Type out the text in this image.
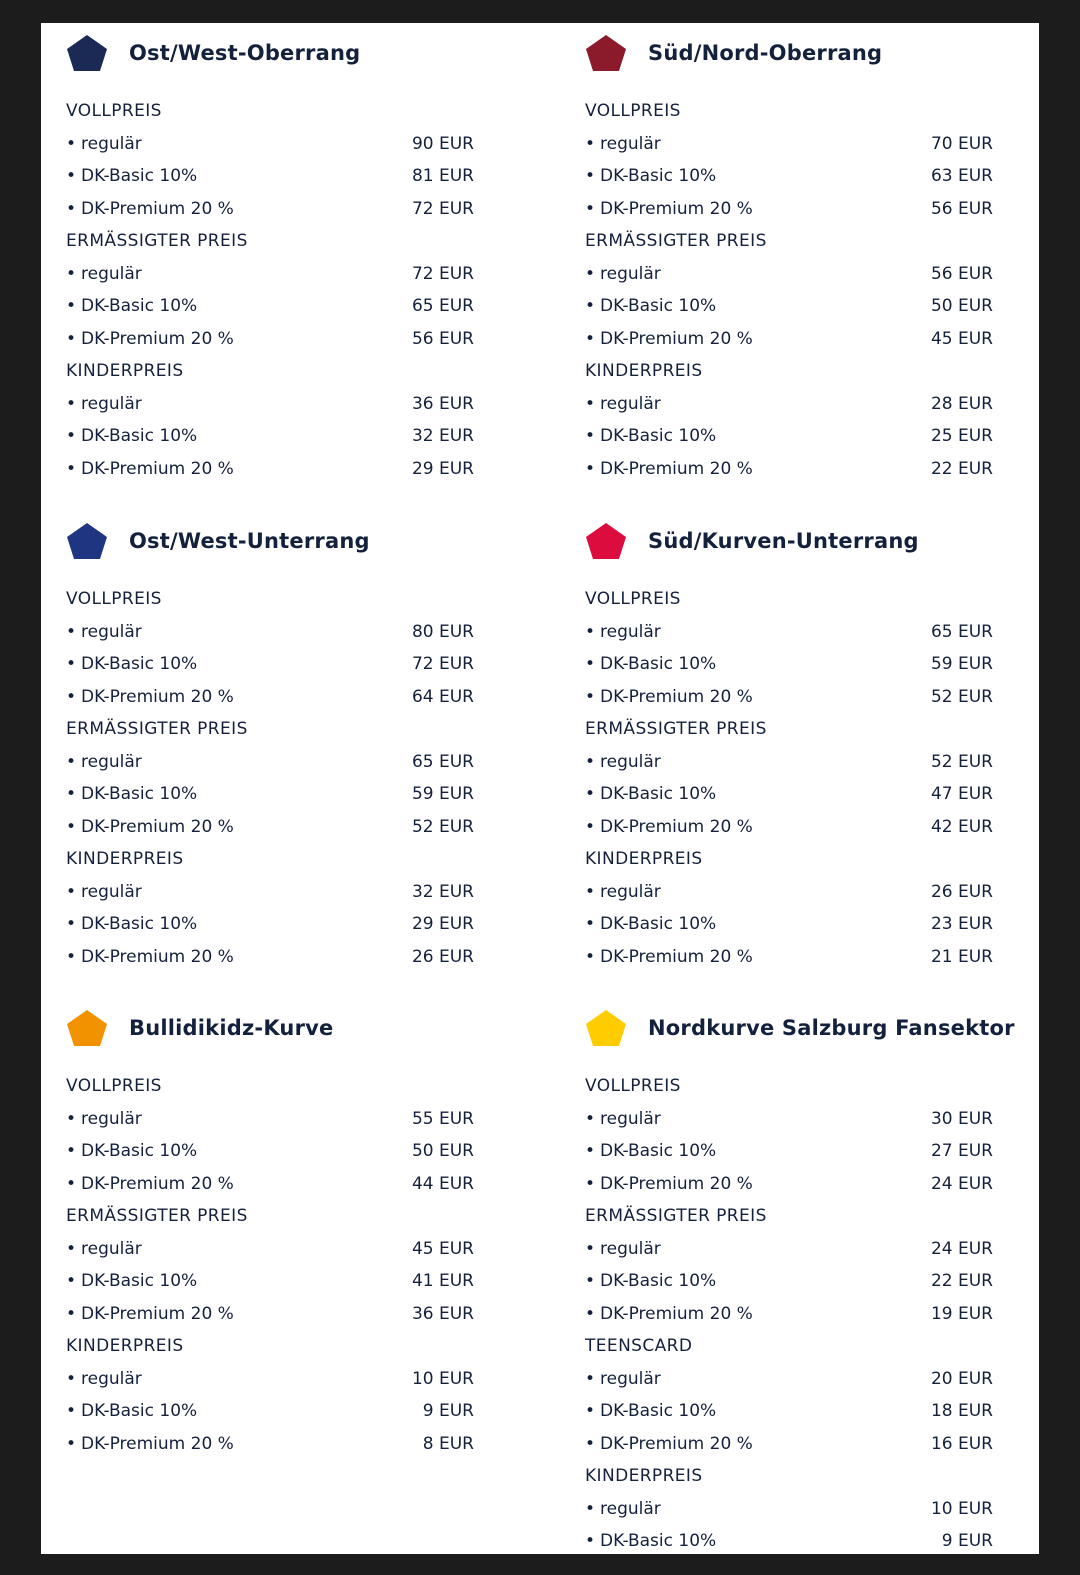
Ost/West-Oberrang
VOLLPREIS
• regulär	90 EUR
• DK-Basic 10%	81 EUR
• DK-Premium 20 %	72 EUR
ERMÄSSIGTER PREIS
• regulär	72 EUR
• DK-Basic 10%	65 EUR
• DK-Premium 20 %	56 EUR
KINDERPREIS
• regulär	36 EUR
• DK-Basic 10%	32 EUR
• DK-Premium 20 %	29 EUR
Süd/Nord-Oberrang
VOLLPREIS
• regulär	70 EUR
• DK-Basic 10%	63 EUR
• DK-Premium 20 %	56 EUR
ERMÄSSIGTER PREIS
• regulär	56 EUR
• DK-Basic 10%	50 EUR
• DK-Premium 20 %	45 EUR
KINDERPREIS
• regulär	28 EUR
• DK-Basic 10%	25 EUR
• DK-Premium 20 %	22 EUR
Ost/West-Unterrang
VOLLPREIS
• regulär	80 EUR
• DK-Basic 10%	72 EUR
• DK-Premium 20 %	64 EUR
ERMÄSSIGTER PREIS
• regulär	65 EUR
• DK-Basic 10%	59 EUR
• DK-Premium 20 %	52 EUR
KINDERPREIS
• regulär	32 EUR
• DK-Basic 10%	29 EUR
• DK-Premium 20 %	26 EUR
Süd/Kurven-Unterrang
VOLLPREIS
• regulär	65 EUR
• DK-Basic 10%	59 EUR
• DK-Premium 20 %	52 EUR
ERMÄSSIGTER PREIS
• regulär	52 EUR
• DK-Basic 10%	47 EUR
• DK-Premium 20 %	42 EUR
KINDERPREIS
• regulär	26 EUR
• DK-Basic 10%	23 EUR
• DK-Premium 20 %	21 EUR
Bullidikidz-Kurve
VOLLPREIS
• regulär	55 EUR
• DK-Basic 10%	50 EUR
• DK-Premium 20 %	44 EUR
ERMÄSSIGTER PREIS
• regulär	45 EUR
• DK-Basic 10%	41 EUR
• DK-Premium 20 %	36 EUR
KINDERPREIS
• regulär	10 EUR
• DK-Basic 10%	9 EUR
• DK-Premium 20 %	8 EUR
Nordkurve Salzburg Fansektor
VOLLPREIS
• regulär	30 EUR
• DK-Basic 10%	27 EUR
• DK-Premium 20 %	24 EUR
ERMÄSSIGTER PREIS
• regulär	24 EUR
• DK-Basic 10%	22 EUR
• DK-Premium 20 %	19 EUR
TEENSCARD
• regulär	20 EUR
• DK-Basic 10%	18 EUR
• DK-Premium 20 %	16 EUR
KINDERPREIS
• regulär	10 EUR
• DK-Basic 10%	9 EUR
